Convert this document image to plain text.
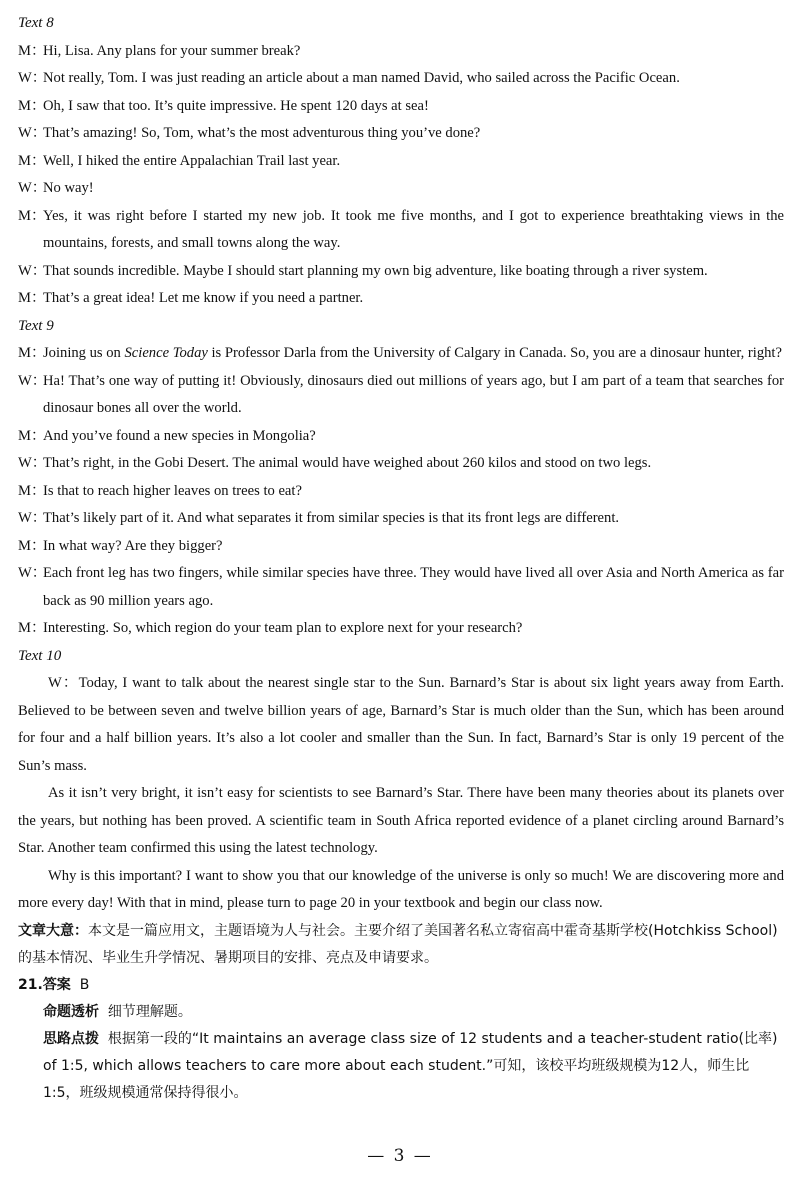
Text 8
M：
Hi, Lisa. Any plans for your summer break?
W：
Not really, Tom. I was just reading an article about a man named David, who sailed across the Pacific Ocean.
M：
Oh, I saw that too. It’s quite impressive. He spent 120 days at sea!
W：
That’s amazing! So, Tom, what’s the most adventurous thing you’ve done?
M：
Well, I hiked the entire Appalachian Trail last year.
W：
No way!
M：
Yes, it was right before I started my new job. It took me five months, and I got to experience breathtaking views in the mountains, forests, and small towns along the way.
W：
That sounds incredible. Maybe I should start planning my own big adventure, like boating through a river system.
M：
That’s a great idea! Let me know if you need a partner.
Text 9
M：
Joining us on Science Today is Professor Darla from the University of Calgary in Canada. So, you are a dinosaur hunter, right?
W：
Ha! That’s one way of putting it! Obviously, dinosaurs died out millions of years ago, but I am part of a team that searches for dinosaur bones all over the world.
M：
And you’ve found a new species in Mongolia?
W：
That’s right, in the Gobi Desert. The animal would have weighed about 260 kilos and stood on two legs.
M：
Is that to reach higher leaves on trees to eat?
W：
That’s likely part of it. And what separates it from similar species is that its front legs are different.
M：
In what way? Are they bigger?
W：
Each front leg has two fingers, while similar species have three. They would have lived all over Asia and North America as far back as 90 million years ago.
M：
Interesting. So, which region do your team plan to explore next for your research?
Text 10

W：Today, I want to talk about the nearest single star to the Sun. Barnard’s Star is about six light years away from Earth. Believed to be between seven and twelve billion years of age, Barnard’s Star is much older than the Sun, which has been around for four and a half billion years. It’s also a lot cooler and smaller than the Sun. In fact, Barnard’s Star is only 19 percent of the Sun’s mass.

As it isn’t very bright, it isn’t easy for scientists to see Barnard’s Star. There have been many theories about its planets over the years, but nothing has been proved. A scientific team in South Africa reported evidence of a planet circling around Barnard’s Star. Another team confirmed this using the latest technology.

Why is this important? I want to show you that our knowledge of the universe is only so much! We are discovering more and more every day! With that in mind, please turn to page 20 in your textbook and begin our class now.

文章大意：本文是一篇应用文，主题语境为人与社会。主要介绍了美国著名私立寄宿高中霍奇基斯学校(Hotchkiss School)的基本情况、毕业生升学情况、暑期项目的安排、亮点及申请要求。
21.答案 B
命题透析 细节理解题。
思路点拨 根据第一段的“It maintains an average class size of 12 students and a teacher-student ratio(比率) of 1:5, which allows teachers to care more about each student.”可知，该校平均班级规模为12人，师生比1:5，班级规模通常保持得很小。
— 3 —
